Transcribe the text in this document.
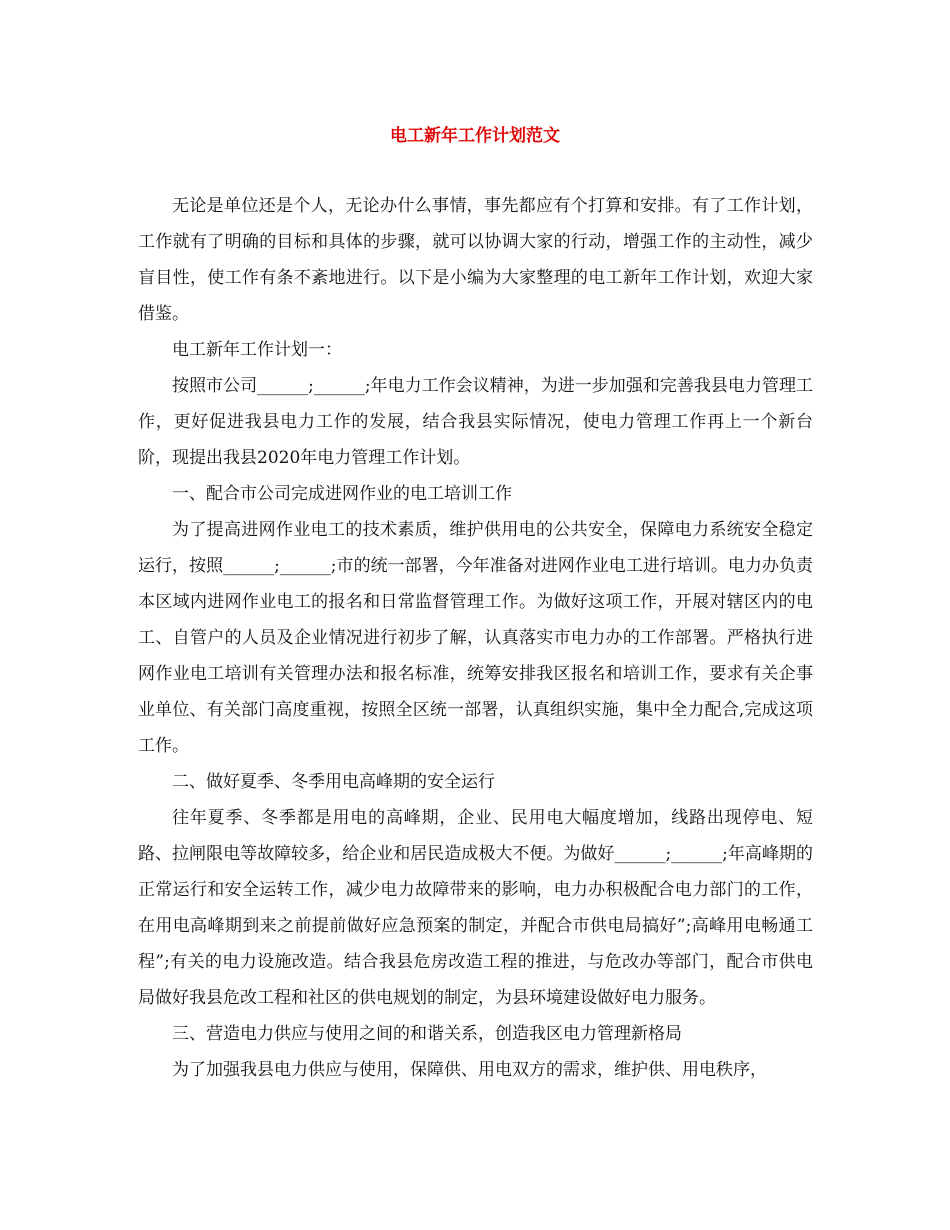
电工新年工作计划范文

无论是单位还是个人，无论办什么事情，事先都应有个打算和安排。有了工作计划，工作就有了明确的目标和具体的步骤，就可以协调大家的行动，增强工作的主动性，减少盲目性，使工作有条不紊地进行。以下是小编为大家整理的电工新年工作计划，欢迎大家借鉴。

电工新年工作计划一：

按照市公司______;______;年电力工作会议精神，为进一步加强和完善我县电力管理工作，更好促进我县电力工作的发展，结合我县实际情况，使电力管理工作再上一个新台阶，现提出我县2020年电力管理工作计划。

一、配合市公司完成进网作业的电工培训工作

为了提高进网作业电工的技术素质，维护供用电的公共安全，保障电力系统安全稳定运行，按照______;______;市的统一部署，今年准备对进网作业电工进行培训。电力办负责本区域内进网作业电工的报名和日常监督管理工作。为做好这项工作，开展对辖区内的电工、自管户的人员及企业情况进行初步了解，认真落实市电力办的工作部署。严格执行进网作业电工培训有关管理办法和报名标准，统筹安排我区报名和培训工作，要求有关企事业单位、有关部门高度重视，按照全区统一部署，认真组织实施，集中全力配合,完成这项工作。

二、做好夏季、冬季用电高峰期的安全运行

往年夏季、冬季都是用电的高峰期，企业、民用电大幅度增加，线路出现停电、短路、拉闸限电等故障较多，给企业和居民造成极大不便。为做好______;______;年高峰期的正常运行和安全运转工作，减少电力故障带来的影响，电力办积极配合电力部门的工作，在用电高峰期到来之前提前做好应急预案的制定，并配合市供电局搞好”;高峰用电畅通工程”;有关的电力设施改造。结合我县危房改造工程的推进，与危改办等部门，配合市供电局做好我县危改工程和社区的供电规划的制定，为县环境建设做好电力服务。

三、营造电力供应与使用之间的和谐关系，创造我区电力管理新格局

为了加强我县电力供应与使用，保障供、用电双方的需求，维护供、用电秩序，
